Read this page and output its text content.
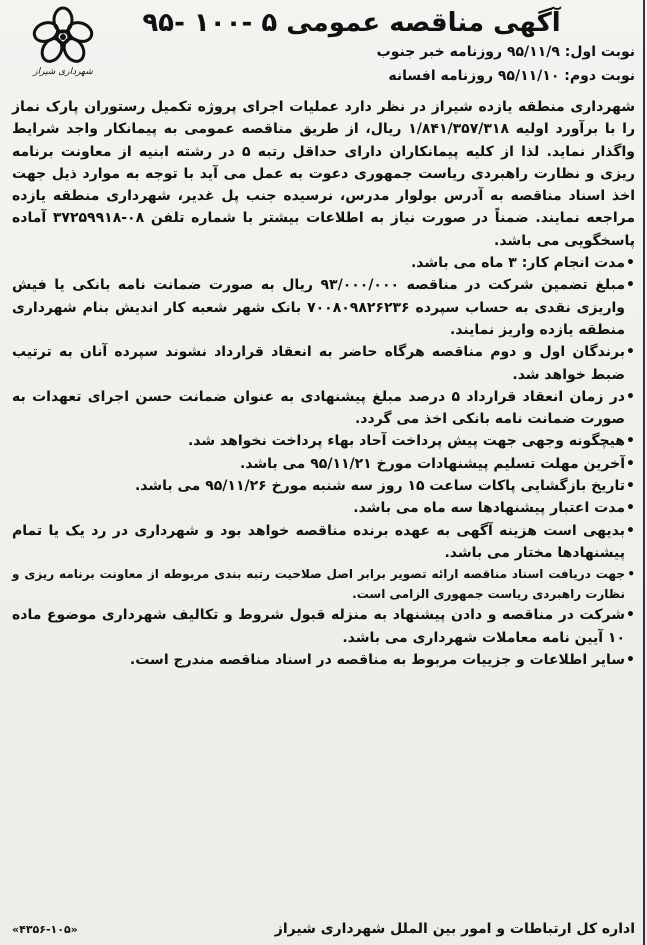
آگهی مناقصه عمومی ۵ -۱۰۰ -۹۵
نوبت اول: ۹۵/۱۱/۹ روزنامه خبر جنوب
نوبت دوم: ۹۵/۱۱/۱۰ روزنامه افسانه
شهرداری شیراز

شهرداری منطقه یازده شیراز در نظر دارد عملیات اجرای پروژه تکمیل رستوران پارک نماز را با برآورد اولیه ۱/۸۴۱/۳۵۷/۳۱۸ ریال، از طریق مناقصه عمومی به پیمانکار واجد شرایط واگذار نماید. لذا از کلیه پیمانکاران دارای حداقل رتبه ۵ در رشته ابنیه از معاونت برنامه ریزی و نظارت راهبردی ریاست جمهوری دعوت به عمل می آید با توجه به موارد ذیل جهت اخذ اسناد مناقصه به آدرس بولوار مدرس، نرسیده جنب پل غدیر، شهرداری منطقه یازده مراجعه نمایند. ضمناً در صورت نیاز به اطلاعات بیشتر با شماره تلفن ۰۸-۳۷۲۵۹۹۱۸ آماده پاسخگویی می باشد.

• مدت انجام کار: ۳ ماه می باشد.
• مبلغ تضمین شرکت در مناقصه ۹۳/۰۰۰/۰۰۰ ریال به صورت ضمانت نامه بانکی یا فیش واریزی نقدی به حساب سپرده ۷۰۰۸۰۹۸۲۶۲۳۶ بانک شهر شعبه کار اندیش بنام شهرداری منطقه یازده واریز نمایند.
• برندگان اول و دوم مناقصه هرگاه حاضر به انعقاد قرارداد نشوند سپرده آنان به ترتیب ضبط خواهد شد.
• در زمان انعقاد قرارداد ۵ درصد مبلغ پیشنهادی به عنوان ضمانت حسن اجرای تعهدات به صورت ضمانت نامه بانکی اخذ می گردد.
• هیچگونه وجهی جهت پیش پرداخت آحاد بهاء پرداخت نخواهد شد.
• آخرین مهلت تسلیم پیشنهادات مورخ ۹۵/۱۱/۲۱ می باشد.
• تاریخ بازگشایی پاکات ساعت ۱۵ روز سه شنبه مورخ ۹۵/۱۱/۲۶ می باشد.
• مدت اعتبار پیشنهادها سه ماه می باشد.
• بدیهی است هزینه آگهی به عهده برنده مناقصه خواهد بود و شهرداری در رد یک یا تمام پیشنهادها مختار می باشد.
• جهت دریافت اسناد مناقصه ارائه تصویر برابر اصل صلاحیت رتبه بندی مربوطه از معاونت برنامه ریزی و نظارت راهبردی ریاست جمهوری الزامی است.
• شرکت در مناقصه و دادن پیشنهاد به منزله قبول شروط و تکالیف شهرداری موضوع ماده ۱۰ آیین نامه معاملات شهرداری می باشد.
• سایر اطلاعات و جزییات مربوط به مناقصه در اسناد مناقصه مندرج است.
اداره کل ارتباطات و امور بین الملل شهرداری شیراز
«۴۳۵۶-۱۰۵»
